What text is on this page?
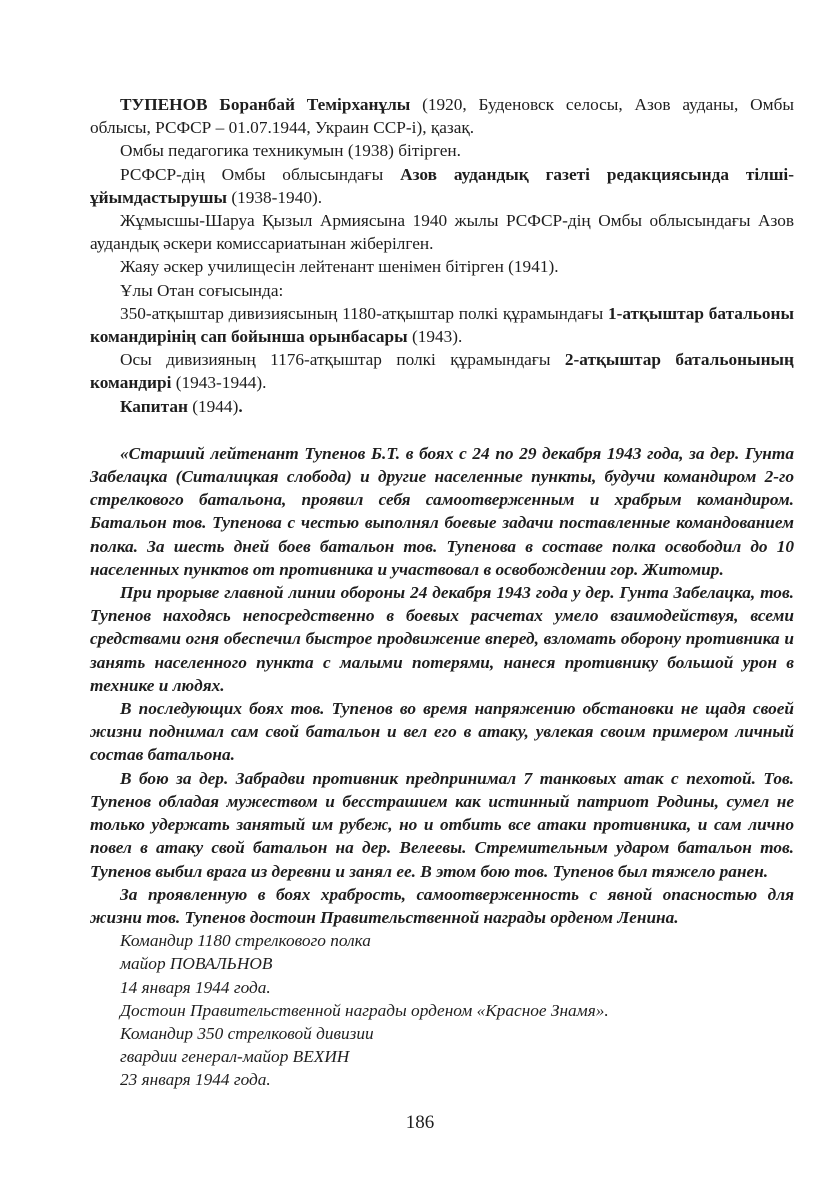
ТУПЕНОВ Боранбай Темірханұлы (1920, Буденовск селосы, Азов ауданы, Омбы облысы, РСФСР – 01.07.1944, Украин ССР-і), қазақ.

Омбы педагогика техникумын (1938) бітірген.

РСФСР-дің Омбы облысындағы Азов аудандық газеті редакциясында тілші-ұйымдастырушы (1938-1940).

Жұмысшы-Шаруа Қызыл Армиясына 1940 жылы РСФСР-дің Омбы облысындағы Азов аудандық әскери комиссариатынан жіберілген.

Жаяу әскер училищесін лейтенант шенімен бітірген (1941).

Ұлы Отан соғысында:

350-атқыштар дивизиясының 1180-атқыштар полкі құрамындағы 1-атқыштар батальоны командирінің сап бойынша орынбасары (1943).

Осы дивизияның 1176-атқыштар полкі құрамындағы 2-атқыштар батальонының командирі (1943-1944).

Капитан (1944).

«Старший лейтенант Тупенов Б.Т. в боях с 24 по 29 декабря 1943 года, за дер. Гунта Забелацка (Ситалицкая слобода) и другие населенные пункты, будучи командиром 2-го стрелкового батальона, проявил себя самоотверженным и храбрым командиром. Батальон тов. Тупенова с честью выполнял боевые задачи поставленные командованием полка. За шесть дней боев батальон тов. Тупенова в составе полка освободил до 10 населенных пунктов от противника и участвовал в освобождении гор. Житомир.

При прорыве главной линии обороны 24 декабря 1943 года у дер. Гунта Забелацка, тов. Тупенов находясь непосредственно в боевых расчетах умело взаимодействуя, всеми средствами огня обеспечил быстрое продвижение вперед, взломать оборону противника и занять населенного пункта с малыми потерями, нанеся противнику большой урон в технике и людях.

В последующих боях тов. Тупенов во время напряжению обстановки не щадя своей жизни поднимал сам свой батальон и вел его в атаку, увлекая своим примером личный состав батальона.

В бою за дер. Забрадви противник предпринимал 7 танковых атак с пехотой. Тов. Тупенов обладая мужеством и бесстрашием как истинный патриот Родины, сумел не только удержать занятый им рубеж, но и отбить все атаки противника, и сам лично повел в атаку свой батальон на дер. Велеевы. Стремительным ударом батальон тов. Тупенов выбил врага из деревни и занял ее. В этом бою тов. Тупенов был тяжело ранен.

За проявленную в боях храбрость, самоотверженность с явной опасностью для жизни тов. Тупенов достоин Правительственной награды орденом Ленина.

Командир 1180 стрелкового полка

майор ПОВАЛЬНОВ

14 января 1944 года.

Достоин Правительственной награды орденом «Красное Знамя».

Командир 350 стрелковой дивизии

гвардии генерал-майор ВЕХИН

23 января 1944 года.

186
